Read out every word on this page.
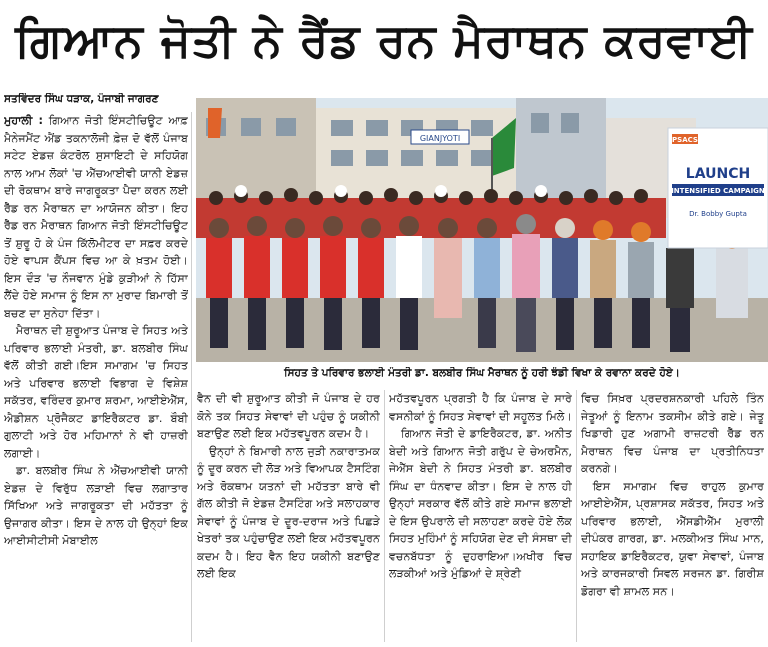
ਗਿਆਨ ਜੋਤੀ ਨੇ ਰੈਂਡ ਰਨ ਮੈਰਾਥਨ ਕਰਵਾਈ
ਸਤਵਿੰਦਰ ਸਿੰਘ ਧੜਾਕ, ਪੰਜਾਬੀ ਜਾਗਰਣ

ਮੁਹਾਲੀ : ਗਿਆਨ ਜੋਤੀ ਇੰਸਟੀਚਿਊਟ ਆਫ਼ ਮੈਨੇਜਮੈਂਟ ਐਂਡ ਤਕਨਾਲੋਜੀ ਫ਼ੇਜ਼ ਦੋ ਵੱਲੋਂ ਪੰਜਾਬ ਸਟੇਟ ਏਡਜ਼ ਕੰਟਰੋਲ ਸੁਸਾਇਟੀ ਦੇ ਸਹਿਯੋਗ ਨਾਲ ਆਮ ਲੋਕਾਂ 'ਚ ਐੱਚਆਈਵੀ ਯਾਨੀ ਏਡਜ਼ ਦੀ ਰੋਕਥਾਮ ਬਾਰੇ ਜਾਗਰੂਕਤਾ ਪੈਦਾ ਕਰਨ ਲਈ ਰੈੱਡ ਰਨ ਮੈਰਾਥਨ ਦਾ ਆਯੋਜਨ ਕੀਤਾ। ਇਹ ਰੈੱਡ ਰਨ ਮੈਰਾਥਨ ਗਿਆਨ ਜੋਤੀ ਇੰਸਟੀਚਿਊਟ ਤੋਂ ਸ਼ੁਰੂ ਹੋ ਕੇ ਪੰਜ ਕਿੱਲੋਮੀਟਰ ਦਾ ਸਫ਼ਰ ਕਰਦੇ ਹੋਏ ਵਾਪਸ ਕੈਂਪਸ ਵਿਚ ਆ ਕੇ ਖ਼ਤਮ ਹੋਈ। ਇਸ ਦੌੜ 'ਚ ਨੌਜਵਾਨ ਮੁੰਡੇ ਕੁੜੀਆਂ ਨੇ ਹਿੱਸਾ ਲੈਂਦੇ ਹੋਏ ਸਮਾਜ ਨੂੰ ਇਸ ਨਾ ਮੁਰਾਦ ਬਿਮਾਰੀ ਤੋਂ ਬਚਣ ਦਾ ਸੁਨੇਹਾ ਦਿੱਤਾ।

ਮੈਰਾਥਨ ਦੀ ਸ਼ੁਰੂਆਤ ਪੰਜਾਬ ਦੇ ਸਿਹਤ ਅਤੇ ਪਰਿਵਾਰ ਭਲਾਈ ਮੰਤਰੀ, ਡਾ. ਬਲਬੀਰ ਸਿੰਘ ਵੱਲੋਂ ਕੀਤੀ ਗਈ।ਇਸ ਸਮਾਗਮ 'ਚ ਸਿਹਤ ਅਤੇ ਪਰਿਵਾਰ ਭਲਾਈ ਵਿਭਾਗ ਦੇ ਵਿਸ਼ੇਸ਼ ਸਕੱਤਰ, ਵਰਿੰਦਰ ਕੁਮਾਰ ਸ਼ਰਮਾ, ਆਈਏਐੱਸ, ਐਡੀਸ਼ਨ ਪ੍ਰੋਜੈਕਟ ਡਾਇਰੈਕਟਰ ਡਾ. ਬੌਬੀ ਗੁਲਾਟੀ ਅਤੇ ਹੋਰ ਮਹਿਮਾਨਾਂ ਨੇ ਵੀ ਹਾਜ਼ਰੀ ਲਗਾਈ।

ਡਾ. ਬਲਬੀਰ ਸਿੰਘ ਨੇ ਐੱਚਆਈਵੀ ਯਾਨੀ ਏਡਜ਼ ਦੇ ਵਿਰੁੱਧ ਲੜਾਈ ਵਿਚ ਲਗਾਤਾਰ ਸਿੱਖਿਆ ਅਤੇ ਜਾਗਰੂਕਤਾ ਦੀ ਮਹੱਤਤਾ ਨੂੰ ਉਜਾਗਰ ਕੀਤਾ। ਇਸ ਦੇ ਨਾਲ ਹੀ ਉਨ੍ਹਾਂ ਇਕ ਆਈਸੀਟੀਸੀ ਮੋਬਾਈਲ

GIANJYOTI	PSACS
LAUNCH
INTENSIFIED CAMPAIGN
Dr. Bobby Gupta
ਸਿਹਤ ਤੇ ਪਰਿਵਾਰ ਭਲਾਈ ਮੰਤਰੀ ਡਾ. ਬਲਬੀਰ ਸਿੰਘ ਮੈਰਾਥਨ ਨੂੰ ਹਰੀ ਝੰਡੀ ਵਿਖਾ ਕੇ ਰਵਾਨਾ ਕਰਦੇ ਹੋਏ।

ਵੈਨ ਦੀ ਵੀ ਸ਼ੁਰੂਆਤ ਕੀਤੀ ਜੋ ਪੰਜਾਬ ਦੇ ਹਰ ਕੋਨੇ ਤਕ ਸਿਹਤ ਸੇਵਾਵਾਂ ਦੀ ਪਹੁੰਚ ਨੂੰ ਯਕੀਨੀ ਬਣਾਉਣ ਲਈ ਇਕ ਮਹੱਤਵਪੂਰਨ ਕਦਮ ਹੈ।

ਉਨ੍ਹਾਂ ਨੇ ਬਿਮਾਰੀ ਨਾਲ ਜੁੜੀ ਨਕਾਰਾਤਮਕ ਨੂੰ ਦੂਰ ਕਰਨ ਦੀ ਲੋੜ ਅਤੇ ਵਿਆਪਕ ਟੈਸਟਿੰਗ ਅਤੇ ਰੋਕਥਾਮ ਯਤਨਾਂ ਦੀ ਮਹੱਤਤਾ ਬਾਰੇ ਵੀ ਗੱਲ ਕੀਤੀ ਜੋ ਏਡਜ਼ ਟੈਸਟਿੰਗ ਅਤੇ ਸਲਾਹਕਾਰ ਸੇਵਾਵਾਂ ਨੂੰ ਪੰਜਾਬ ਦੇ ਦੂਰ-ਦਰਾਜ ਅਤੇ ਪਿਛੜੇ ਖੇਤਰਾਂ ਤਕ ਪਹੁੰਚਾਉਣ ਲਈ ਇਕ ਮਹੱਤਵਪੂਰਨ ਕਦਮ ਹੈ। ਇਹ ਵੈਨ ਇਹ ਯਕੀਨੀ ਬਣਾਉਣ ਲਈ ਇਕ

ਮਹੱਤਵਪੂਰਨ ਪ੍ਰਗਤੀ ਹੈ ਕਿ ਪੰਜਾਬ ਦੇ ਸਾਰੇ ਵਸਨੀਕਾਂ ਨੂੰ ਸਿਹਤ ਸੇਵਾਵਾਂ ਦੀ ਸਹੂਲਤ ਮਿਲੇ।

ਗਿਆਨ ਜੋਤੀ ਦੇ ਡਾਇਰੈਕਟਰ, ਡਾ. ਅਨੀਤ ਬੇਦੀ ਅਤੇ ਗਿਆਨ ਜੋਤੀ ਗਰੁੱਪ ਦੇ ਚੇਅਰਮੈਨ, ਜੇਐੱਸ ਬੇਦੀ ਨੇ ਸਿਹਤ ਮੰਤਰੀ ਡਾ. ਬਲਬੀਰ ਸਿੰਘ ਦਾ ਧੰਨਵਾਦ ਕੀਤਾ। ਇਸ ਦੇ ਨਾਲ ਹੀ ਉਨ੍ਹਾਂ ਸਰਕਾਰ ਵੱਲੋਂ ਕੀਤੇ ਗਏ ਸਮਾਜ ਭਲਾਈ ਦੇ ਇਸ ਉਪਰਾਲੇ ਦੀ ਸਲਾਹਣਾ ਕਰਦੇ ਹੋਏ ਲੋਕ ਸਿਹਤ ਮੁਹਿੰਮਾਂ ਨੂੰ ਸਹਿਯੋਗ ਦੇਣ ਦੀ ਸੰਸਥਾ ਦੀ ਵਚਨਬੱਧਤਾ ਨੂੰ ਦੁਹਰਾਇਆ।ਅਖੀਰ ਵਿਚ ਲੜਕੀਆਂ ਅਤੇ ਮੁੰਡਿਆਂ ਦੇ ਸ਼੍ਰੇਣੀ

ਵਿਚ ਸਿਖ਼ਰ ਪ੍ਰਦਰਸ਼ਨਕਾਰੀ ਪਹਿਲੇ ਤਿੰਨ ਜੇਤੂਆਂ ਨੂੰ ਇਨਾਮ ਤਕਸੀਮ ਕੀਤੇ ਗਏ। ਜੇਤੂ ਖਿਡਾਰੀ ਹੁਣ ਅਗਾਮੀ ਰਾਜ਼ਟਰੀ ਰੈੱਡ ਰਨ ਮੈਰਾਥਨ ਵਿਚ ਪੰਜਾਬ ਦਾ ਪ੍ਰਤੀਨਿਧਤਾ ਕਰਨਗੇ।

ਇਸ ਸਮਾਗਮ ਵਿਚ ਰਾਹੁਲ ਕੁਮਾਰ ਆਈਏਐੱਸ, ਪ੍ਰਸ਼ਾਸਕ ਸਕੱਤਰ, ਸਿਹਤ ਅਤੇ ਪਰਿਵਾਰ ਭਲਾਈ, ਐੱਸਡੀਐੱਮ ਮੁਰਾਲੀ ਦੀਪੰਕਰ ਗਾਰਗ, ਡਾ. ਮਲਕੀਅਤ ਸਿੰਘ ਮਾਨ, ਸਹਾਇਕ ਡਾਇਰੈਕਟਰ, ਯੁਵਾ ਸੇਵਾਵਾਂ, ਪੰਜਾਬ ਅਤੇ ਕਾਰਜਕਾਰੀ ਸਿਵਲ ਸਰਜਨ ਡਾ. ਗਿਰੀਸ਼ ਡੋਗਰਾ ਵੀ ਸ਼ਾਮਲ ਸਨ।
